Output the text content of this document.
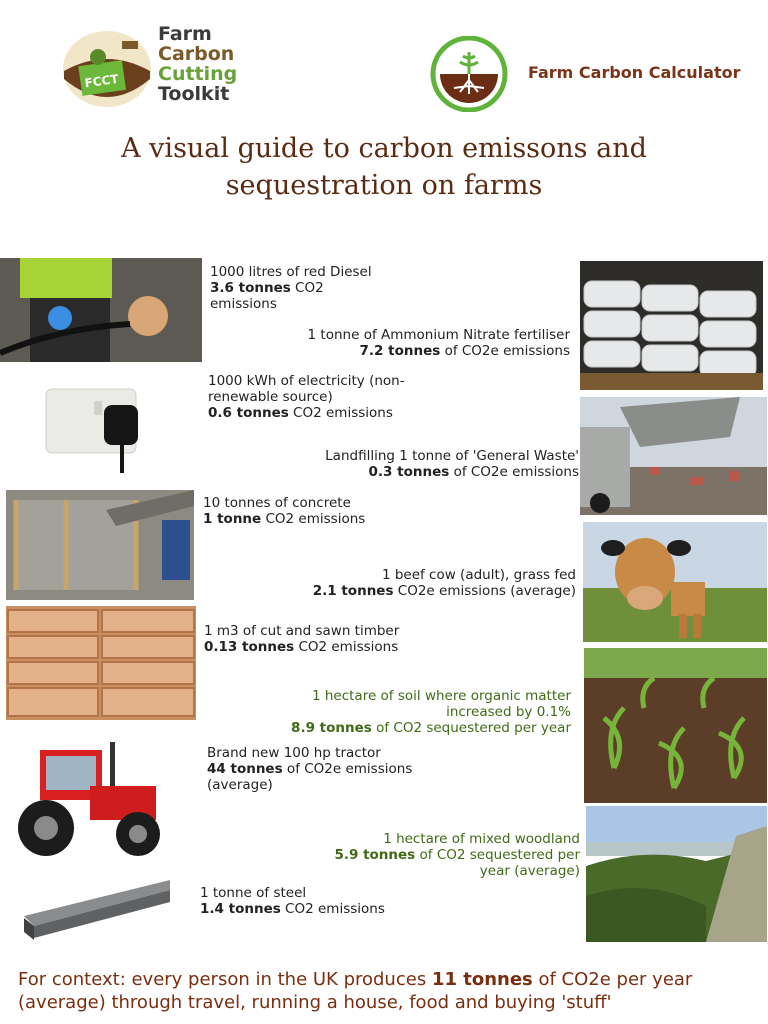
FCCT
Farm
Carbon
Cutting
Toolkit
Farm Carbon Calculator
A visual guide to carbon emissons and
sequestration on farms
1000 litres of red Diesel
3.6 tonnes CO2
emissions
1 tonne of Ammonium Nitrate fertiliser
7.2 tonnes of CO2e emissions
1000 kWh of electricity (non-
renewable source)
0.6 tonnes CO2 emissions
Landfilling 1 tonne of 'General Waste'
0.3 tonnes of CO2e emissions
10 tonnes of concrete
1 tonne CO2 emissions
1 beef cow (adult), grass fed
2.1 tonnes CO2e emissions (average)
1 m3 of cut and sawn timber
0.13 tonnes CO2 emissions
1 hectare of soil where organic matter
increased by 0.1%
8.9 tonnes of CO2 sequestered per year
Brand new 100 hp tractor
44 tonnes of CO2e emissions
(average)
1 hectare of mixed woodland
5.9 tonnes of CO2 sequestered per
year (average)
1 tonne of steel
1.4 tonnes CO2 emissions
For context: every person in the UK produces 11 tonnes of CO2e per year (average) through travel, running a house, food and buying 'stuff'
